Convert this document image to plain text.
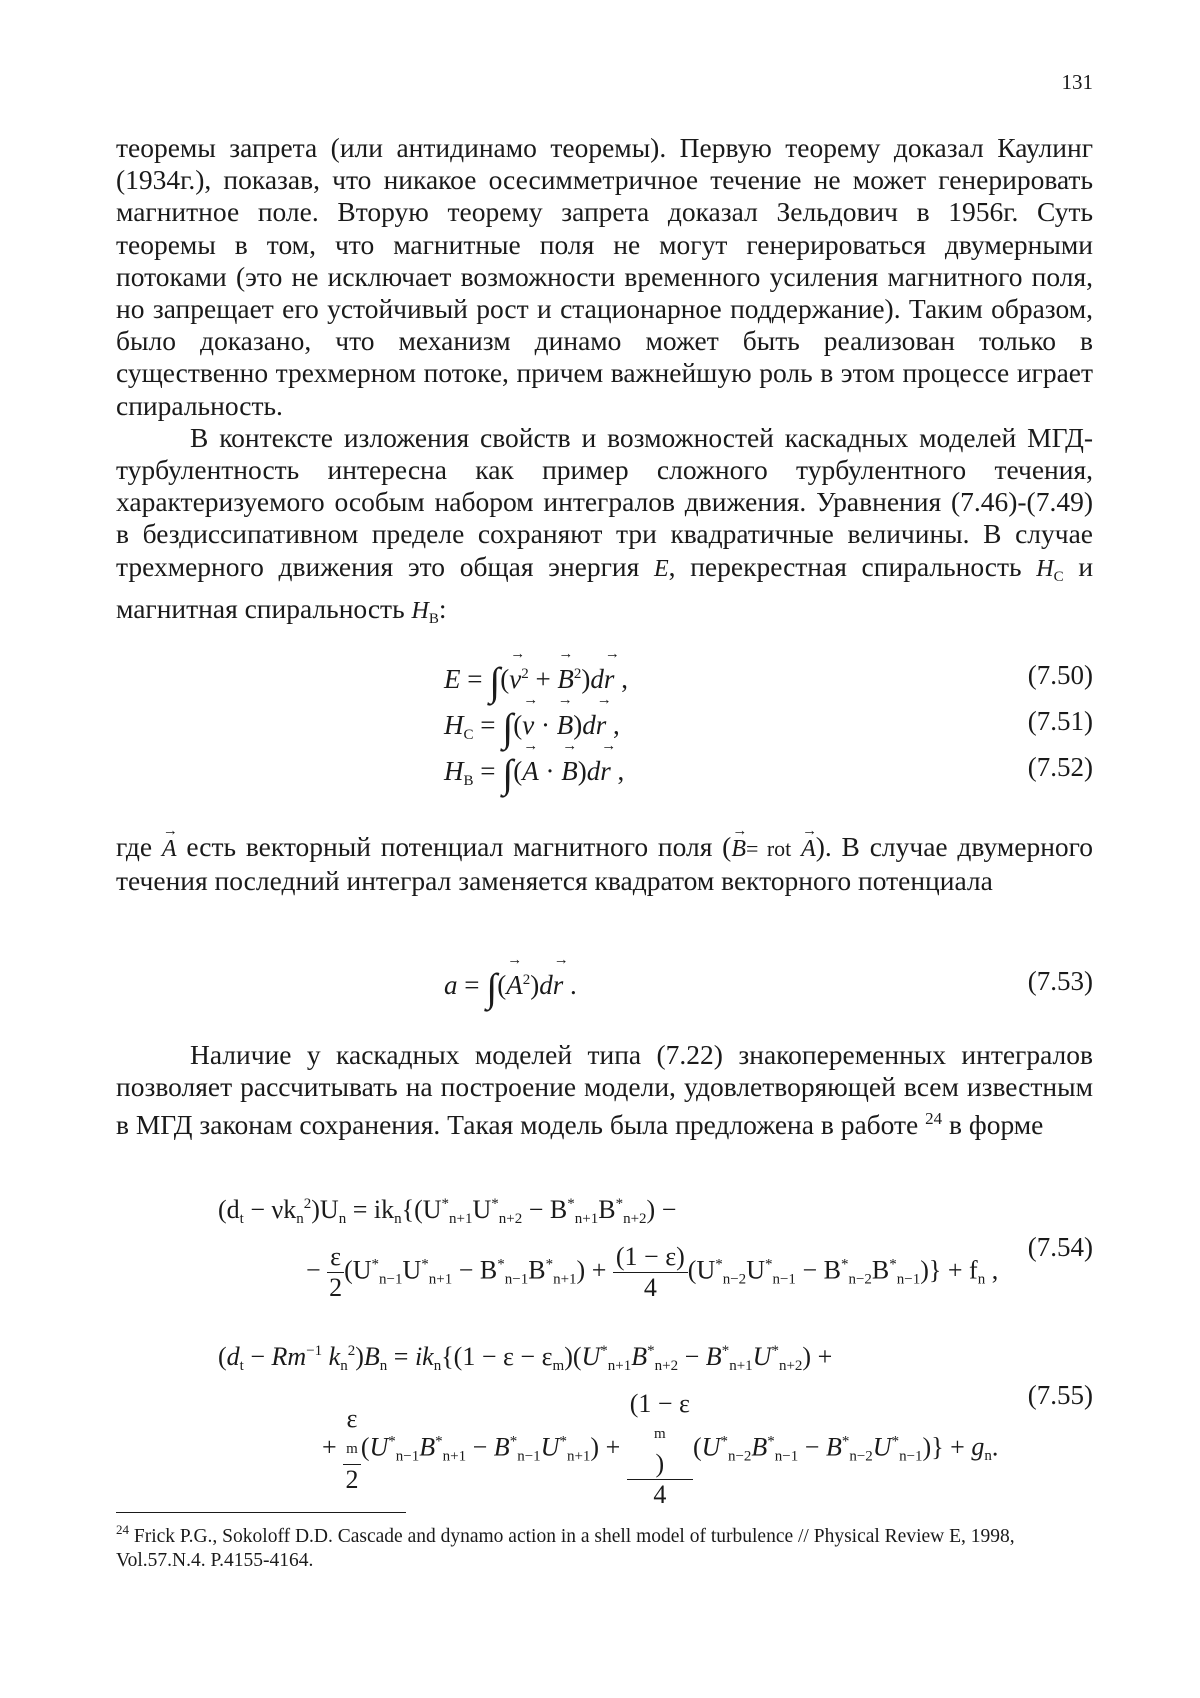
131

теоремы запрета (или антидинамо теоремы). Первую теорему доказал Каулинг (1934г.), показав, что никакое осесимметричное течение не может генерировать магнитное поле. Вторую теорему запрета доказал Зельдович в 1956г. Суть теоремы в том, что магнитные поля не могут генерироваться двумерными потоками (это не исключает возможности временного усиления магнитного поля, но запрещает его устойчивый рост и стационарное поддержание). Таким образом, было доказано, что механизм динамо может быть реализован только в существенно трехмерном потоке, причем важнейшую роль в этом процессе играет спиральность.

В контексте изложения свойств и возможностей каскадных моделей МГД-турбулентность интересна как пример сложного турбулентного течения, характеризуемого особым набором интегралов движения. Уравнения (7.46)-(7.49) в бездиссипативном пределе сохраняют три квадратичные величины. В случае трехмерного движения это общая энергия E, перекрестная спиральность $H_C$ и магнитная спиральность $H_B$:

E = ∫(→ $v^2$ + → $B^2)d\to r$ ,	(7.50)
$H_C$ = ∫(→ v · → B)d→ r ,	(7.51)
$H_B$ = ∫(→ A · → B)d→ r ,	(7.52)

где → A есть векторный потенциал магнитного поля (→ B= rot → A). В случае двумерного течения последний интеграл заменяется квадратом векторного потенциала

a = ∫(→ $A^2)d\to r$ .	(7.53)

Наличие у каскадных моделей типа (7.22) знакопеременных интегралов позволяет рассчитывать на построение модели, удовлетворяющей всем известным в МГД законам сохранения. Такая модель была предложена в работе $^{24}$ в форме

$(d_t - \nu k_n^2)U_n = ik_n\{(U^*_{n+1}U^*_{n+2} - B^*_{n+1}B^*_{n+2})$ −
− $\frac{\varepsilon}{2} (U^*_{n-1}U^*_{n+1} - B^*_{n-1}B^*_{n+1}) + \frac{(1 - \varepsilon)}{4} (U^*_{n-2}U^*_{n-1} - B^*_{n-2}B^*_{n-1})\} + f_n$ ,
(7.54)
($d_t - Rm^{-1}$ $k_n^2)B_n = ik_n\{(1 - \varepsilon - \varepsilon_m)(U^*_{n+1}B^*_{n+2} - B^*_{n+1}U^*_{n+2})$ +
+ ε
m
2 $(U^*_{n-1}B^*_{n+1} - B^*_{n-1}U^*_{n+1}) + (1 - \varepsilon$
m
)
4 $(U^*_{n-2}B^*_{n-1} - B^*_{n-2}U^*_{n-1})\} + g_n$.
(7.55)
$^{24}$ Frick P.G., Sokoloff D.D. Cascade and dynamo action in a shell model of turbulence // Physical Review E, 1998, Vol.57.N.4. P.4155-4164.
